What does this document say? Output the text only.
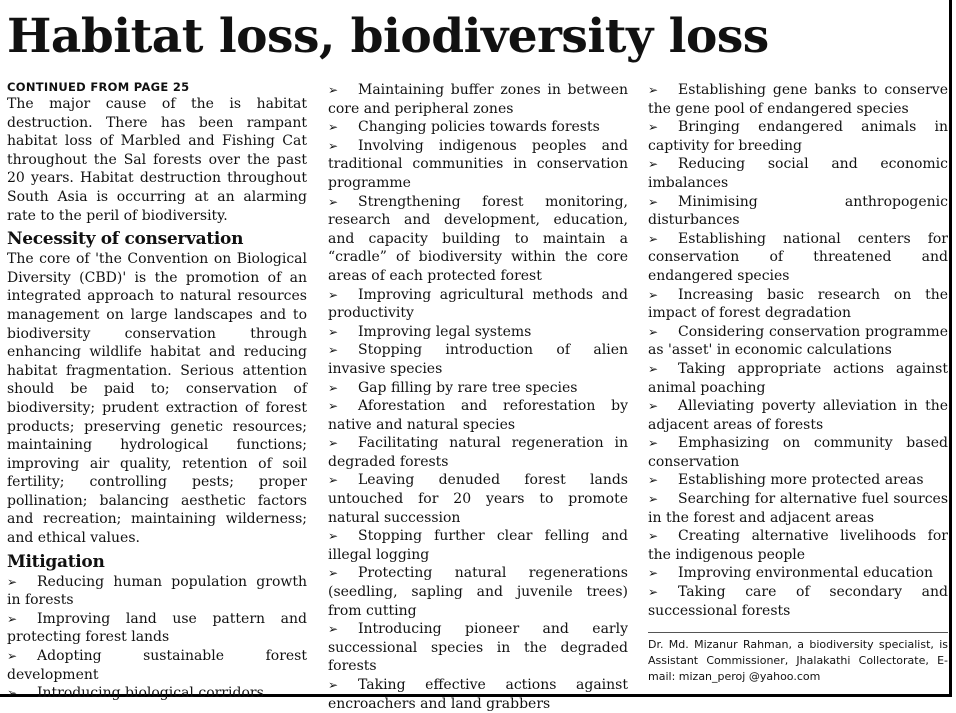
Habitat loss, biodiversity loss

CONTINUED FROM PAGE 25

The major cause of the is habitat destruction. There has been rampant habitat loss of Marbled and Fishing Cat throughout the Sal forests over the past 20 years. Habitat destruction throughout South Asia is occurring at an alarming rate to the peril of biodiversity.

Necessity of conservation

The core of 'the Convention on Biological Diversity (CBD)' is the promotion of an integrated approach to natural resources management on large landscapes and to biodiversity conservation through enhancing wildlife habitat and reducing habitat fragmentation. Serious attention should be paid to; conservation of biodiversity; prudent extraction of forest products; preserving genetic resources; maintaining hydrological functions; improving air quality, retention of soil fertility; controlling pests; proper pollination; balancing aesthetic factors and recreation; maintaining wilderness; and ethical values.

Mitigation
➢ Reducing human population growth in forests
➢ Improving land use pattern and protecting forest lands
➢ Adopting sustainable forest development
➢ Introducing biological corridors
➢ Maintaining buffer zones in between core and peripheral zones
➢ Changing policies towards forests
➢ Involving indigenous peoples and traditional communities in conservation programme
➢ Strengthening forest monitoring, research and development, education, and capacity building to maintain a “cradle” of biodiversity within the core areas of each protected forest
➢ Improving agricultural methods and productivity
➢ Improving legal systems
➢ Stopping introduction of alien invasive species
➢ Gap filling by rare tree species
➢ Aforestation and reforestation by native and natural species
➢ Facilitating natural regeneration in degraded forests
➢ Leaving denuded forest lands untouched for 20 years to promote natural succession
➢ Stopping further clear felling and illegal logging
➢ Protecting natural regenerations (seedling, sapling and juvenile trees) from cutting
➢ Introducing pioneer and early successional species in the degraded forests
➢ Taking effective actions against encroachers and land grabbers
➢ Establishing gene banks to conserve the gene pool of endangered species
➢ Bringing endangered animals in captivity for breeding
➢ Reducing social and economic imbalances
➢ Minimising anthropogenic disturbances
➢ Establishing national centers for conservation of threatened and endangered species
➢ Increasing basic research on the impact of forest degradation
➢ Considering conservation programme as 'asset' in economic calculations
➢ Taking appropriate actions against animal poaching
➢ Alleviating poverty alleviation in the adjacent areas of forests
➢ Emphasizing on community based conservation
➢ Establishing more protected areas
➢ Searching for alternative fuel sources in the forest and adjacent areas
➢ Creating alternative livelihoods for the indigenous people
➢ Improving environmental education
➢ Taking care of secondary and successional forests
Dr. Md. Mizanur Rahman, a biodiversity specialist, is Assistant Commissioner, Jhalakathi Collectorate, E-mail: mizan_peroj @yahoo.com
